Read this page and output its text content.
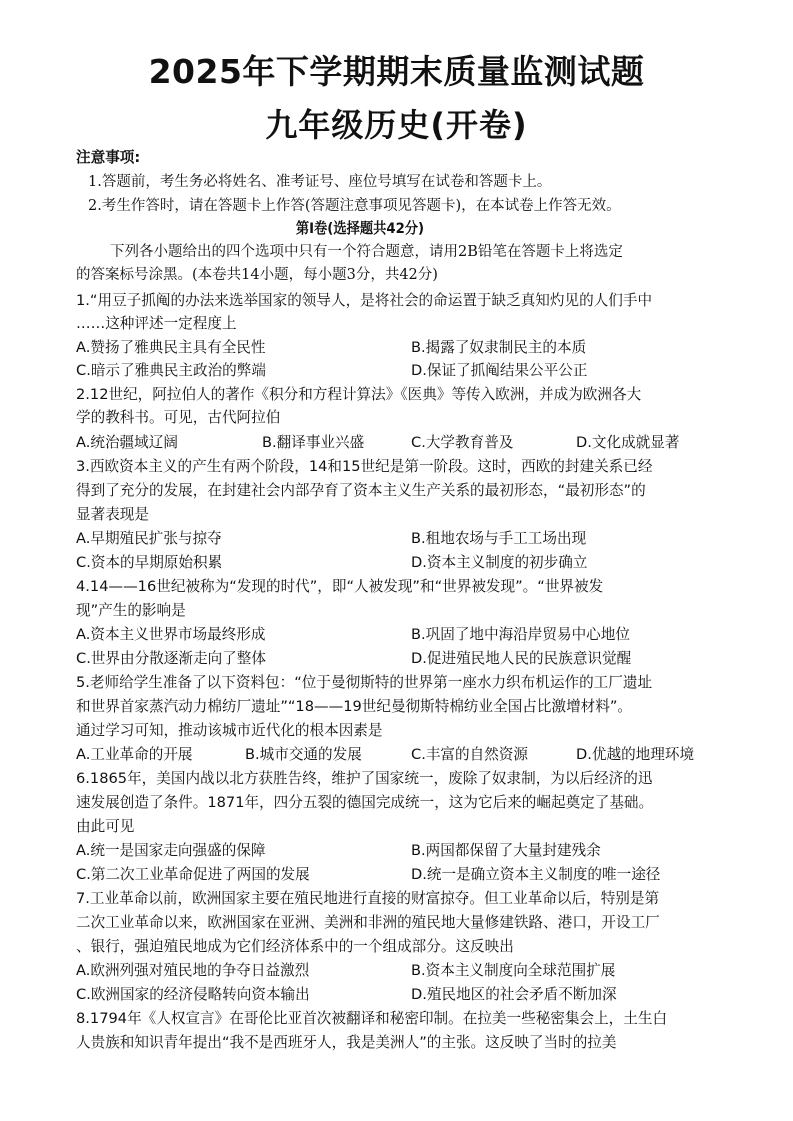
2025年下学期期末质量监测试题
九年级历史(开卷)
注意事项:
1.答题前，考生务必将姓名、准考证号、座位号填写在试卷和答题卡上。
2.考生作答时，请在答题卡上作答(答题注意事项见答题卡)，在本试卷上作答无效。
第Ⅰ卷(选择题共42分)
下列各小题给出的四个选项中只有一个符合题意，请用2B铅笔在答题卡上将选定
的答案标号涂黑。(本卷共14小题，每小题3分，共42分)
1.“用豆子抓阄的办法来选举国家的领导人，是将社会的命运置于缺乏真知灼见的人们手中
……这种评述一定程度上
A.赞扬了雅典民主具有全民性	B.揭露了奴隶制民主的本质
C.暗示了雅典民主政治的弊端	D.保证了抓阄结果公平公正
2.12世纪，阿拉伯人的著作《积分和方程计算法》《医典》等传入欧洲，并成为欧洲各大
学的教科书。可见，古代阿拉伯
A.统治疆域辽阔	B.翻译事业兴盛	C.大学教育普及	D.文化成就显著
3.西欧资本主义的产生有两个阶段，14和15世纪是第一阶段。这时，西欧的封建关系已经
得到了充分的发展，在封建社会内部孕育了资本主义生产关系的最初形态，“最初形态”的
显著表现是
A.早期殖民扩张与掠夺	B.租地农场与手工工场出现
C.资本的早期原始积累	D.资本主义制度的初步确立
4.14——16世纪被称为“发现的时代”，即“人被发现”和“世界被发现”。“世界被发
现”产生的影响是
A.资本主义世界市场最终形成	B.巩固了地中海沿岸贸易中心地位
C.世界由分散逐渐走向了整体	D.促进殖民地人民的民族意识觉醒
5.老师给学生准备了以下资料包：“位于曼彻斯特的世界第一座水力织布机运作的工厂遗址
和世界首家蒸汽动力棉纺厂遗址”“18——19世纪曼彻斯特棉纺业全国占比激增材料”。
通过学习可知，推动该城市近代化的根本因素是
A.工业革命的开展	B.城市交通的发展	C.丰富的自然资源	D.优越的地理环境
6.1865年，美国内战以北方获胜告终，维护了国家统一，废除了奴隶制，为以后经济的迅
速发展创造了条件。1871年，四分五裂的德国完成统一，这为它后来的崛起奠定了基础。
由此可见
A.统一是国家走向强盛的保障	B.两国都保留了大量封建残余
C.第二次工业革命促进了两国的发展	D.统一是确立资本主义制度的唯一途径
7.工业革命以前，欧洲国家主要在殖民地进行直接的财富掠夺。但工业革命以后，特别是第
二次工业革命以来，欧洲国家在亚洲、美洲和非洲的殖民地大量修建铁路、港口，开设工厂
、银行，强迫殖民地成为它们经济体系中的一个组成部分。这反映出
A.欧洲列强对殖民地的争夺日益激烈	B.资本主义制度向全球范围扩展
C.欧洲国家的经济侵略转向资本输出	D.殖民地区的社会矛盾不断加深
8.1794年《人权宣言》在哥伦比亚首次被翻译和秘密印制。在拉美一些秘密集会上，土生白
人贵族和知识青年提出“我不是西班牙人，我是美洲人”的主张。这反映了当时的拉美
